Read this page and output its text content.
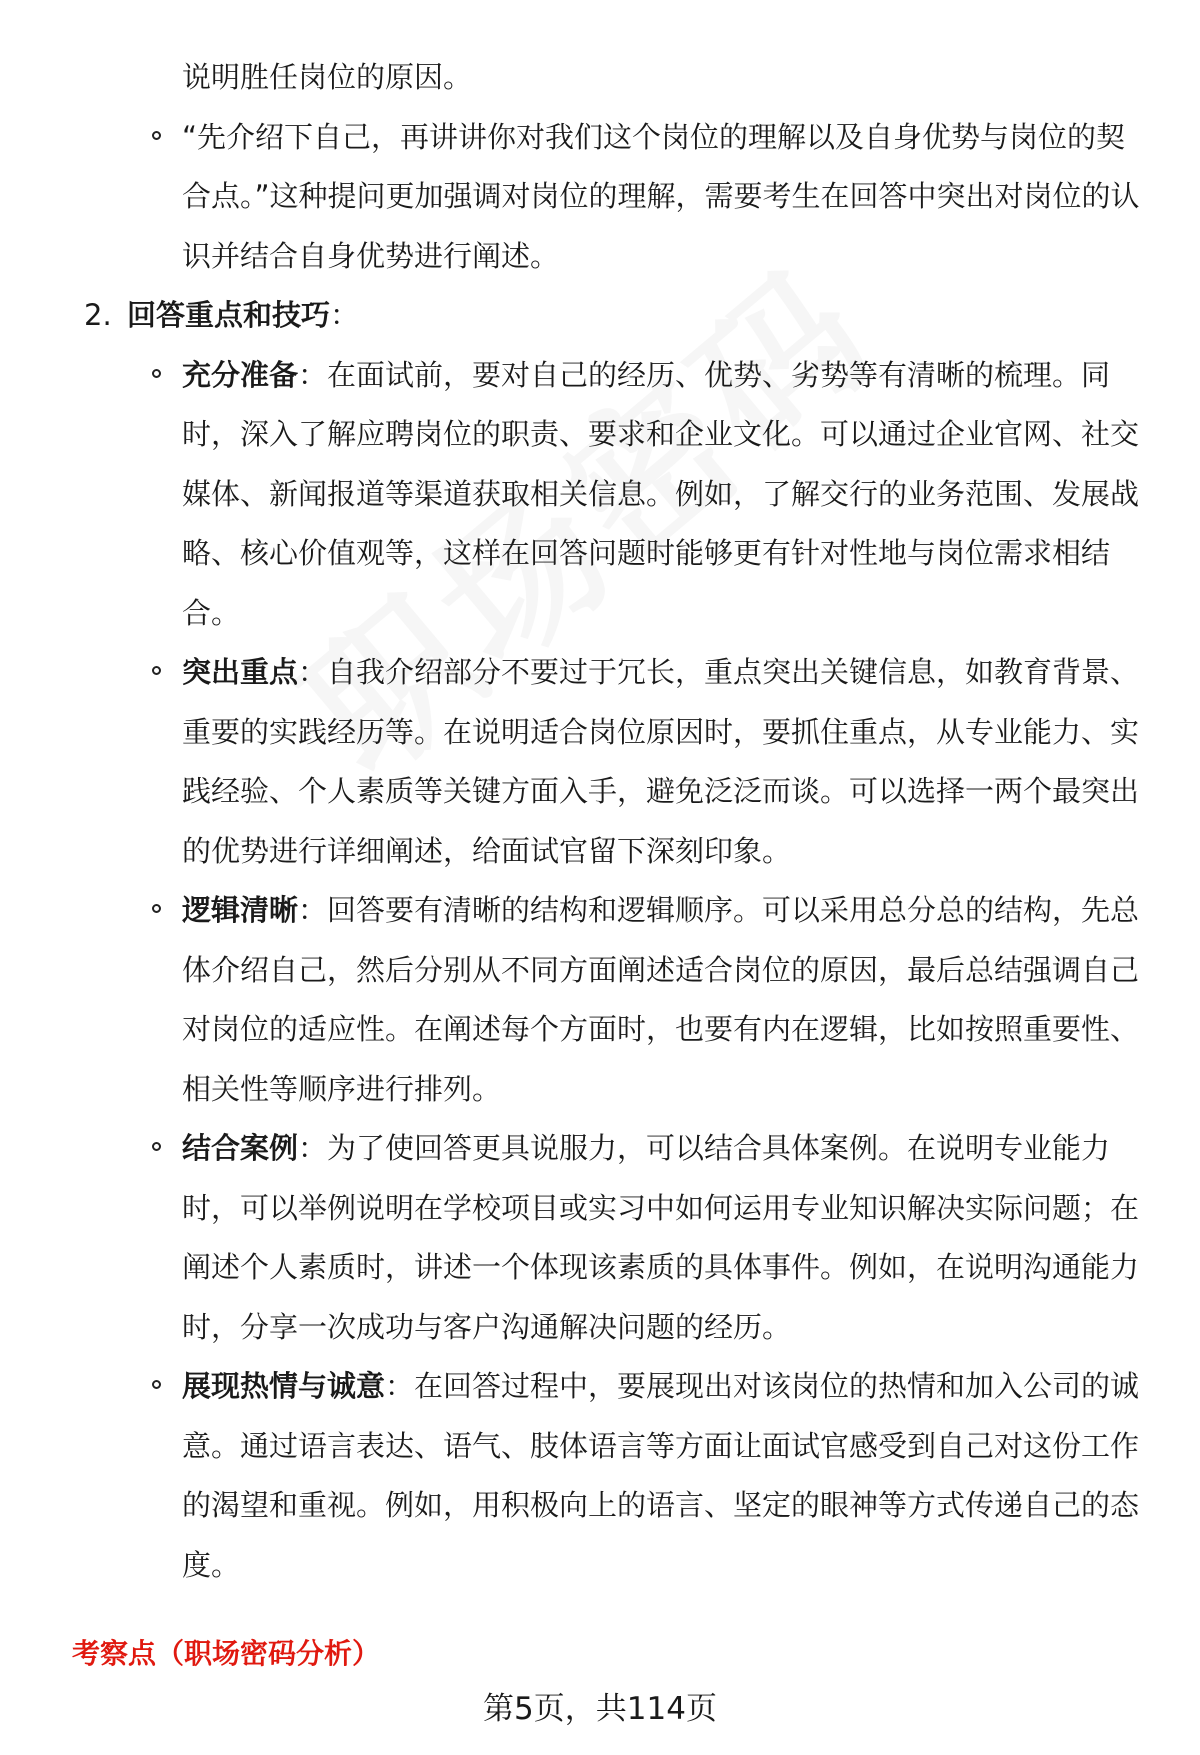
说明胜任岗位的原因。
“先介绍下自己，再讲讲你对我们这个岗位的理解以及自身优势与岗位的契合点。”这种提问更加强调对岗位的理解，需要考生在回答中突出对岗位的认识并结合自身优势进行阐述。
2. 回答重点和技巧：
充分准备：在面试前，要对自己的经历、优势、劣势等有清晰的梳理。同时，深入了解应聘岗位的职责、要求和企业文化。可以通过企业官网、社交媒体、新闻报道等渠道获取相关信息。例如，了解交行的业务范围、发展战略、核心价值观等，这样在回答问题时能够更有针对性地与岗位需求相结合。
突出重点：自我介绍部分不要过于冗长，重点突出关键信息，如教育背景、重要的实践经历等。在说明适合岗位原因时，要抓住重点，从专业能力、实践经验、个人素质等关键方面入手，避免泛泛而谈。可以选择一两个最突出的优势进行详细阐述，给面试官留下深刻印象。
逻辑清晰：回答要有清晰的结构和逻辑顺序。可以采用总分总的结构，先总体介绍自己，然后分别从不同方面阐述适合岗位的原因，最后总结强调自己对岗位的适应性。在阐述每个方面时，也要有内在逻辑，比如按照重要性、相关性等顺序进行排列。
结合案例：为了使回答更具说服力，可以结合具体案例。在说明专业能力时，可以举例说明在学校项目或实习中如何运用专业知识解决实际问题；在阐述个人素质时，讲述一个体现该素质的具体事件。例如，在说明沟通能力时，分享一次成功与客户沟通解决问题的经历。
展现热情与诚意：在回答过程中，要展现出对该岗位的热情和加入公司的诚意。通过语言表达、语气、肢体语言等方面让面试官感受到自己对这份工作的渴望和重视。例如，用积极向上的语言、坚定的眼神等方式传递自己的态度。
考察点（职场密码分析）
第5页，共114页
